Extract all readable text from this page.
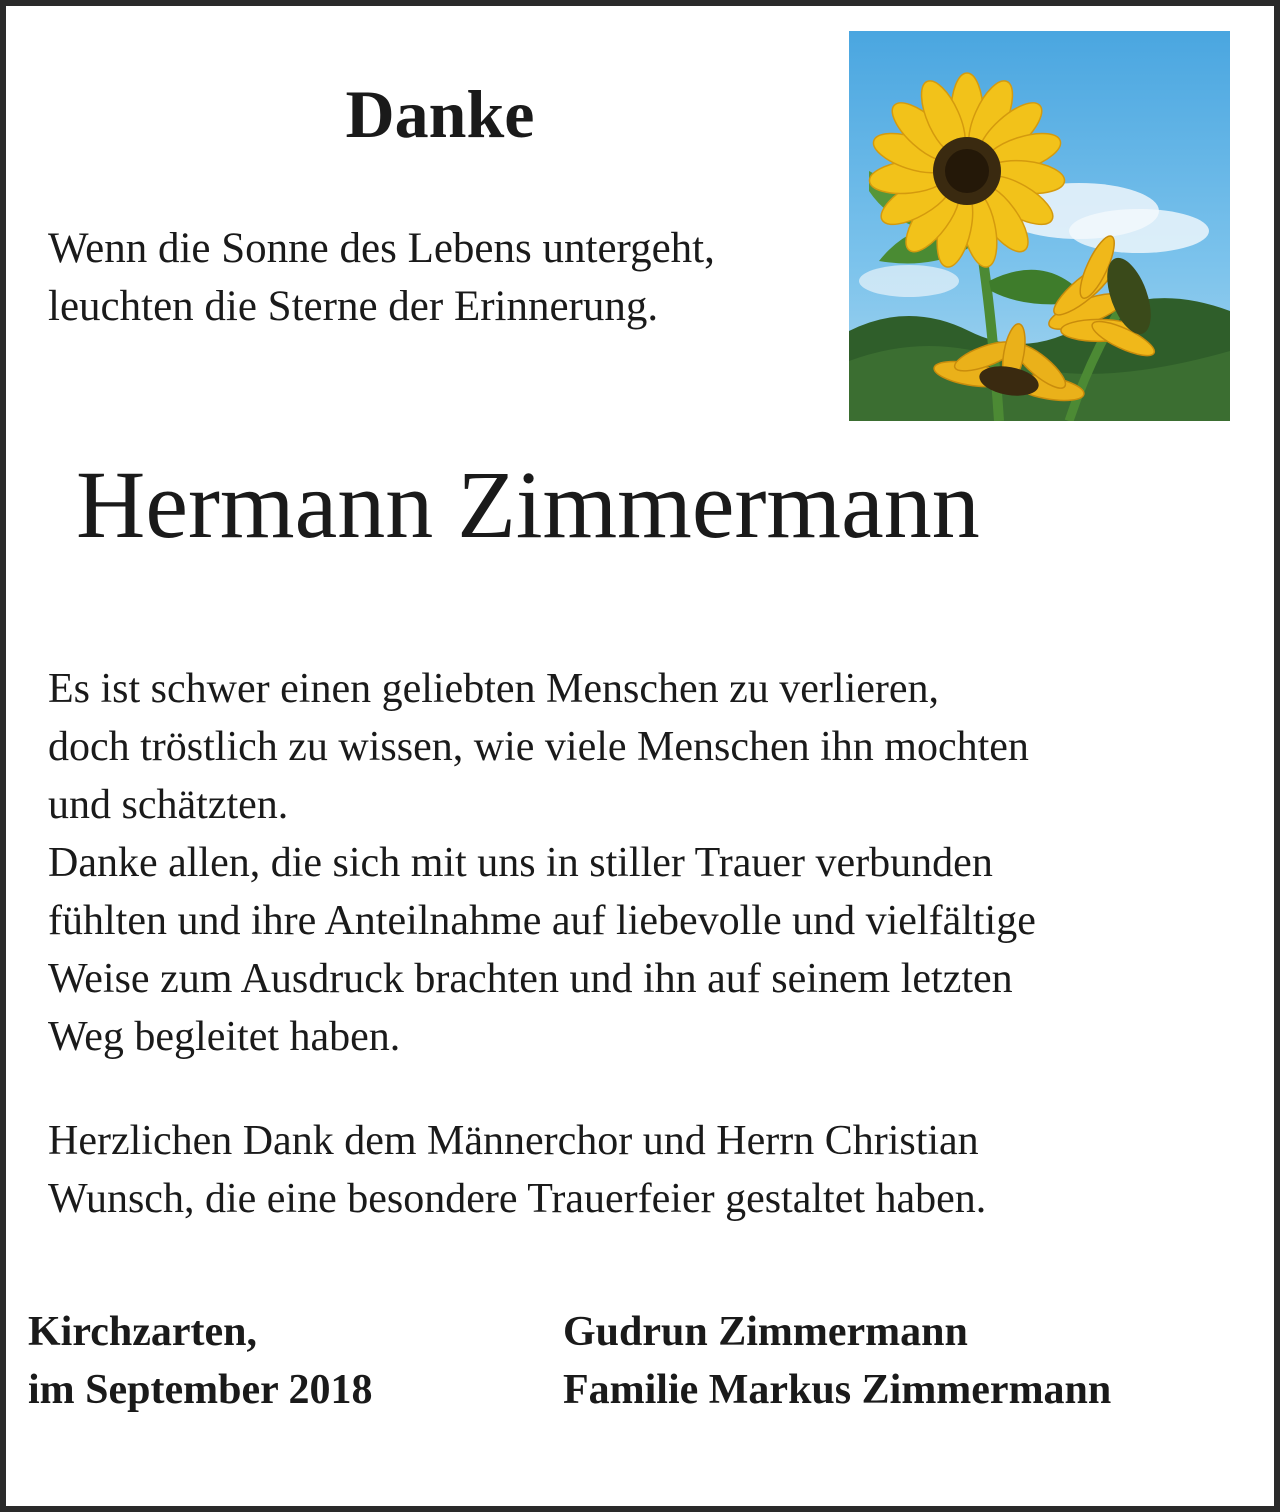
Danke

Wenn die Sonne des Lebens untergeht,
leuchten die Sterne der Erinnerung.

Hermann Zimmermann

Es ist schwer einen geliebten Menschen zu verlieren,
doch tröstlich zu wissen, wie viele Menschen ihn mochten
und schätzten.
Danke allen, die sich mit uns in stiller Trauer verbunden
fühlten und ihre Anteilnahme auf liebevolle und vielfältige
Weise zum Ausdruck brachten und ihn auf seinem letzten
Weg begleitet haben.

Herzlichen Dank dem Männerchor und Herrn Christian
Wunsch, die eine besondere Trauerfeier gestaltet haben.

Kirchzarten,
im September 2018

Gudrun Zimmermann
Familie Markus Zimmermann
